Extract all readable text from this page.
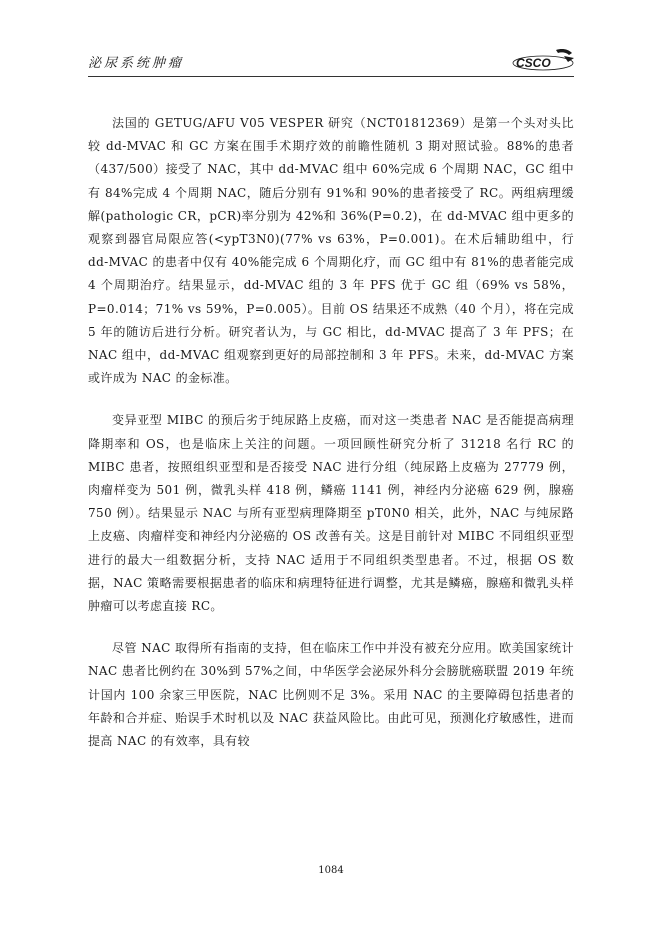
泌尿系统肿瘤	CSCO

法国的 GETUG/AFU V05 VESPER 研究（NCT01812369）是第一个头对头比较 dd-MVAC 和 GC 方案在围手术期疗效的前瞻性随机 3 期对照试验。88%的患者（437/500）接受了 NAC，其中 dd-MVAC 组中 60%完成 6 个周期 NAC，GC 组中有 84%完成 4 个周期 NAC，随后分别有 91%和 90%的患者接受了 RC。两组病理缓解(pathologic CR，pCR)率分别为 42%和 36%(P=0.2)，在 dd-MVAC 组中更多的观察到器官局限应答(<ypT3N0)(77% vs 63%，P=0.001)。在术后辅助组中，行 dd-MVAC 的患者中仅有 40%能完成 6 个周期化疗，而 GC 组中有 81%的患者能完成 4 个周期治疗。结果显示，dd-MVAC 组的 3 年 PFS 优于 GC 组（69% vs 58%，P=0.014；71% vs 59%，P=0.005）。目前 OS 结果还不成熟（40 个月），将在完成 5 年的随访后进行分析。研究者认为，与 GC 相比，dd-MVAC 提高了 3 年 PFS；在 NAC 组中，dd-MVAC 组观察到更好的局部控制和 3 年 PFS。未来，dd-MVAC 方案或许成为 NAC 的金标准。

变异亚型 MIBC 的预后劣于纯尿路上皮癌，而对这一类患者 NAC 是否能提高病理降期率和 OS，也是临床上关注的问题。一项回顾性研究分析了 31218 名行 RC 的 MIBC 患者，按照组织亚型和是否接受 NAC 进行分组（纯尿路上皮癌为 27779 例，肉瘤样变为 501 例，微乳头样 418 例，鳞癌 1141 例，神经内分泌癌 629 例，腺癌 750 例）。结果显示 NAC 与所有亚型病理降期至 pT0N0 相关，此外，NAC 与纯尿路上皮癌、肉瘤样变和神经内分泌癌的 OS 改善有关。这是目前针对 MIBC 不同组织亚型进行的最大一组数据分析，支持 NAC 适用于不同组织类型患者。不过，根据 OS 数据，NAC 策略需要根据患者的临床和病理特征进行调整，尤其是鳞癌，腺癌和微乳头样肿瘤可以考虑直接 RC。

尽管 NAC 取得所有指南的支持，但在临床工作中并没有被充分应用。欧美国家统计 NAC 患者比例约在 30%到 57%之间，中华医学会泌尿外科分会膀胱癌联盟 2019 年统计国内 100 余家三甲医院，NAC 比例则不足 3%。采用 NAC 的主要障碍包括患者的年龄和合并症、贻误手术时机以及 NAC 获益风险比。由此可见，预测化疗敏感性，进而提高 NAC 的有效率，具有较

1084
